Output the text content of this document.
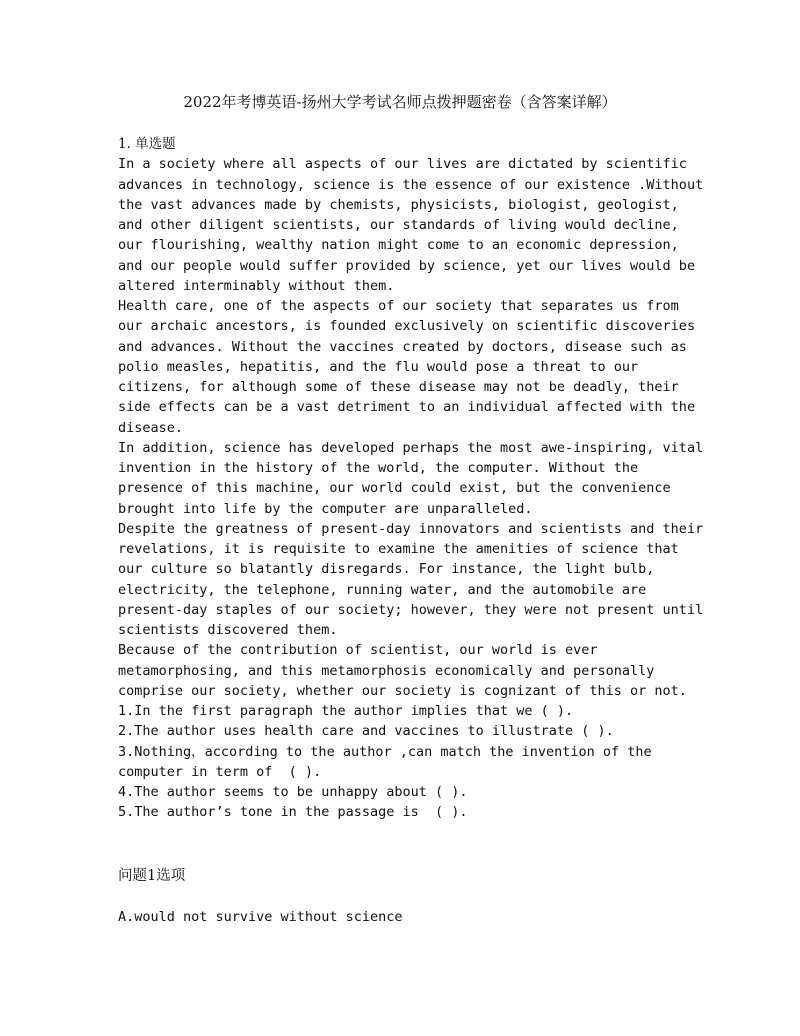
2022年考博英语-扬州大学考试名师点拨押题密卷（含答案详解）
1. 单选题
In a society where all aspects of our lives are dictated by scientific
advances in technology, science is the essence of our existence .Without
the vast advances made by chemists, physicists, biologist, geologist,
and other diligent scientists, our standards of living would decline,
our flourishing, wealthy nation might come to an economic depression,
and our people would suffer provided by science, yet our lives would be
altered interminably without them.
Health care, one of the aspects of our society that separates us from
our archaic ancestors, is founded exclusively on scientific discoveries
and advances. Without the vaccines created by doctors, disease such as
polio measles, hepatitis, and the flu would pose a threat to our
citizens, for although some of these disease may not be deadly, their
side effects can be a vast detriment to an individual affected with the
disease.
In addition, science has developed perhaps the most awe-inspiring, vital
invention in the history of the world, the computer. Without the
presence of this machine, our world could exist, but the convenience
brought into life by the computer are unparalleled.
Despite the greatness of present-day innovators and scientists and their
revelations, it is requisite to examine the amenities of science that
our culture so blatantly disregards. For instance, the light bulb,
electricity, the telephone, running water, and the automobile are
present-day staples of our society; however, they were not present until
scientists discovered them.
Because of the contribution of scientist, our world is ever
metamorphosing, and this metamorphosis economically and personally
comprise our society, whether our society is cognizant of this or not.
1.In the first paragraph the author implies that we ( ).
2.The author uses health care and vaccines to illustrate ( ).
3.Nothing，according to the author ,can match the invention of the
computer in term of  ( ).
4.The author seems to be unhappy about ( ).
5.The author’s tone in the passage is  ( ).
问题1选项
A.would not survive without science
